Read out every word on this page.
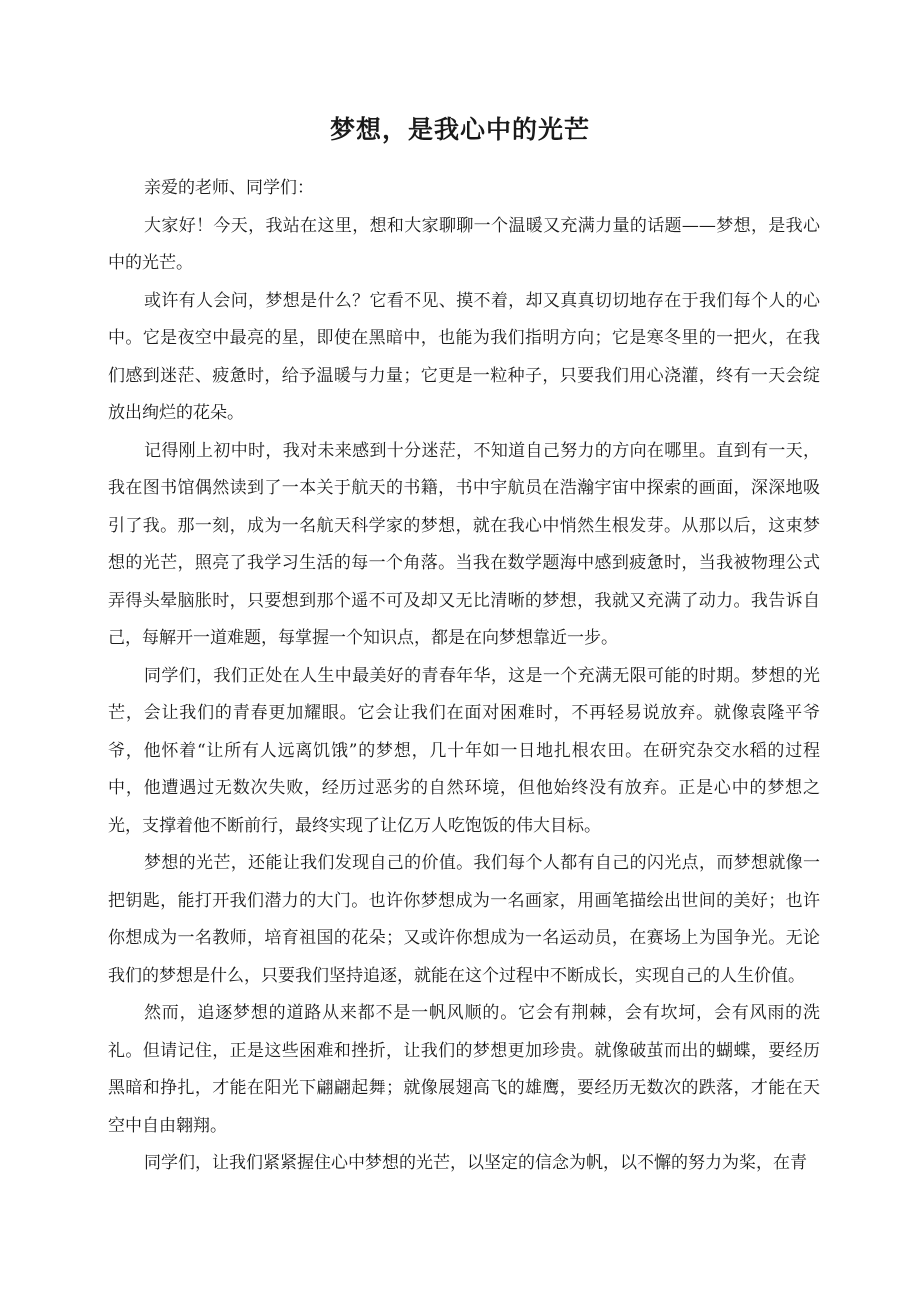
梦想，是我心中的光芒

亲爱的老师、同学们：

大家好！今天，我站在这里，想和大家聊聊一个温暖又充满力量的话题——梦想，是我心中的光芒。

或许有人会问，梦想是什么？它看不见、摸不着，却又真真切切地存在于我们每个人的心中。它是夜空中最亮的星，即使在黑暗中，也能为我们指明方向；它是寒冬里的一把火，在我们感到迷茫、疲惫时，给予温暖与力量；它更是一粒种子，只要我们用心浇灌，终有一天会绽放出绚烂的花朵。

记得刚上初中时，我对未来感到十分迷茫，不知道自己努力的方向在哪里。直到有一天，我在图书馆偶然读到了一本关于航天的书籍，书中宇航员在浩瀚宇宙中探索的画面，深深地吸引了我。那一刻，成为一名航天科学家的梦想，就在我心中悄然生根发芽。从那以后，这束梦想的光芒，照亮了我学习生活的每一个角落。当我在数学题海中感到疲惫时，当我被物理公式弄得头晕脑胀时，只要想到那个遥不可及却又无比清晰的梦想，我就又充满了动力。我告诉自己，每解开一道难题，每掌握一个知识点，都是在向梦想靠近一步。

同学们，我们正处在人生中最美好的青春年华，这是一个充满无限可能的时期。梦想的光芒，会让我们的青春更加耀眼。它会让我们在面对困难时，不再轻易说放弃。就像袁隆平爷爷，他怀着“让所有人远离饥饿”的梦想，几十年如一日地扎根农田。在研究杂交水稻的过程中，他遭遇过无数次失败，经历过恶劣的自然环境，但他始终没有放弃。正是心中的梦想之光，支撑着他不断前行，最终实现了让亿万人吃饱饭的伟大目标。

梦想的光芒，还能让我们发现自己的价值。我们每个人都有自己的闪光点，而梦想就像一把钥匙，能打开我们潜力的大门。也许你梦想成为一名画家，用画笔描绘出世间的美好；也许你想成为一名教师，培育祖国的花朵；又或许你想成为一名运动员，在赛场上为国争光。无论我们的梦想是什么，只要我们坚持追逐，就能在这个过程中不断成长，实现自己的人生价值。

然而，追逐梦想的道路从来都不是一帆风顺的。它会有荆棘，会有坎坷，会有风雨的洗礼。但请记住，正是这些困难和挫折，让我们的梦想更加珍贵。就像破茧而出的蝴蝶，要经历黑暗和挣扎，才能在阳光下翩翩起舞；就像展翅高飞的雄鹰，要经历无数次的跌落，才能在天空中自由翱翔。

同学们，让我们紧紧握住心中梦想的光芒，以坚定的信念为帆，以不懈的努力为桨，在青
